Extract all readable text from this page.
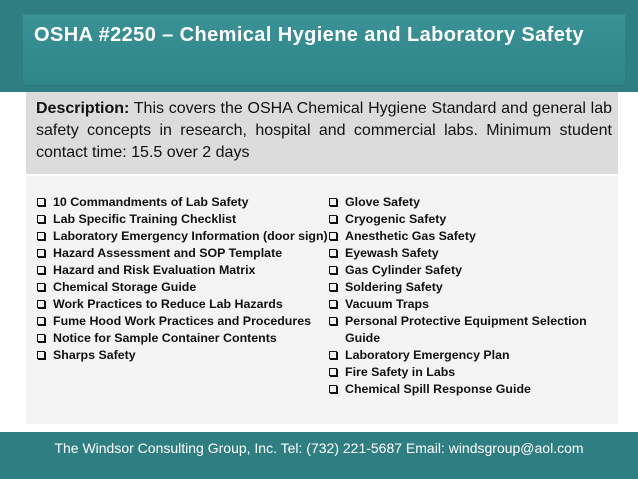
OSHA #2250 – Chemical Hygiene and Laboratory Safety
Description: This covers the OSHA Chemical Hygiene Standard and general lab safety concepts in research, hospital and commercial labs. Minimum student contact time: 15.5 over 2 days
10 Commandments of Lab Safety
Lab Specific Training Checklist
Laboratory Emergency Information (door sign)
Hazard Assessment and SOP Template
Hazard and Risk Evaluation Matrix
Chemical Storage Guide
Work Practices to Reduce Lab Hazards
Fume Hood Work Practices and Procedures
Notice for Sample Container Contents
Sharps Safety
Glove Safety
Cryogenic Safety
Anesthetic Gas Safety
Eyewash Safety
Gas Cylinder Safety
Soldering Safety
Vacuum Traps
Personal Protective Equipment Selection Guide
Laboratory Emergency Plan
Fire Safety in Labs
Chemical Spill Response Guide
The Windsor Consulting Group, Inc. Tel: (732) 221-5687 Email: windsgroup@aol.com
